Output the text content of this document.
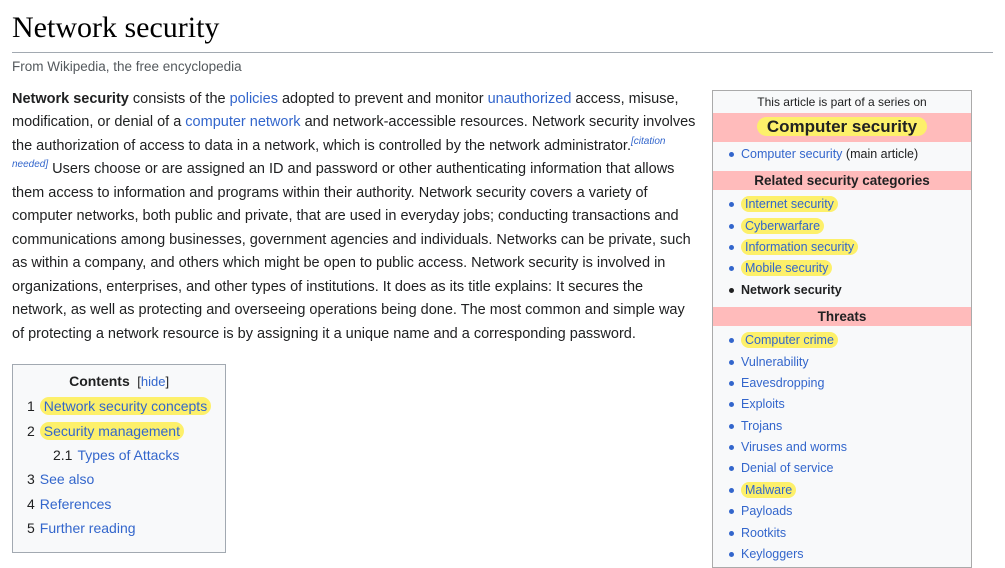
Network security
From Wikipedia, the free encyclopedia

Network security consists of the policies adopted to prevent and monitor unauthorized access, misuse, modification, or denial of a computer network and network-accessible resources. Network security involves the authorization of access to data in a network, which is controlled by the network administrator.[citation needed] Users choose or are assigned an ID and password or other authenticating information that allows them access to information and programs within their authority. Network security covers a variety of computer networks, both public and private, that are used in everyday jobs; conducting transactions and communications among businesses, government agencies and individuals. Networks can be private, such as within a company, and others which might be open to public access. Network security is involved in organizations, enterprises, and other types of institutions. It does as its title explains: It secures the network, as well as protecting and overseeing operations being done. The most common and simple way of protecting a network resource is by assigning it a unique name and a corresponding password.

Contents [hide]
1 Network security concepts
2 Security management
2.1 Types of Attacks
3 See also
4 References
5 Further reading
This article is part of a series on
Computer security
Computer security (main article)
Related security categories
Internet security
Cyberwarfare
Information security
Mobile security
Network security
Threats
Computer crime
Vulnerability
Eavesdropping
Exploits
Trojans
Viruses and worms
Denial of service
Malware
Payloads
Rootkits
Keyloggers
